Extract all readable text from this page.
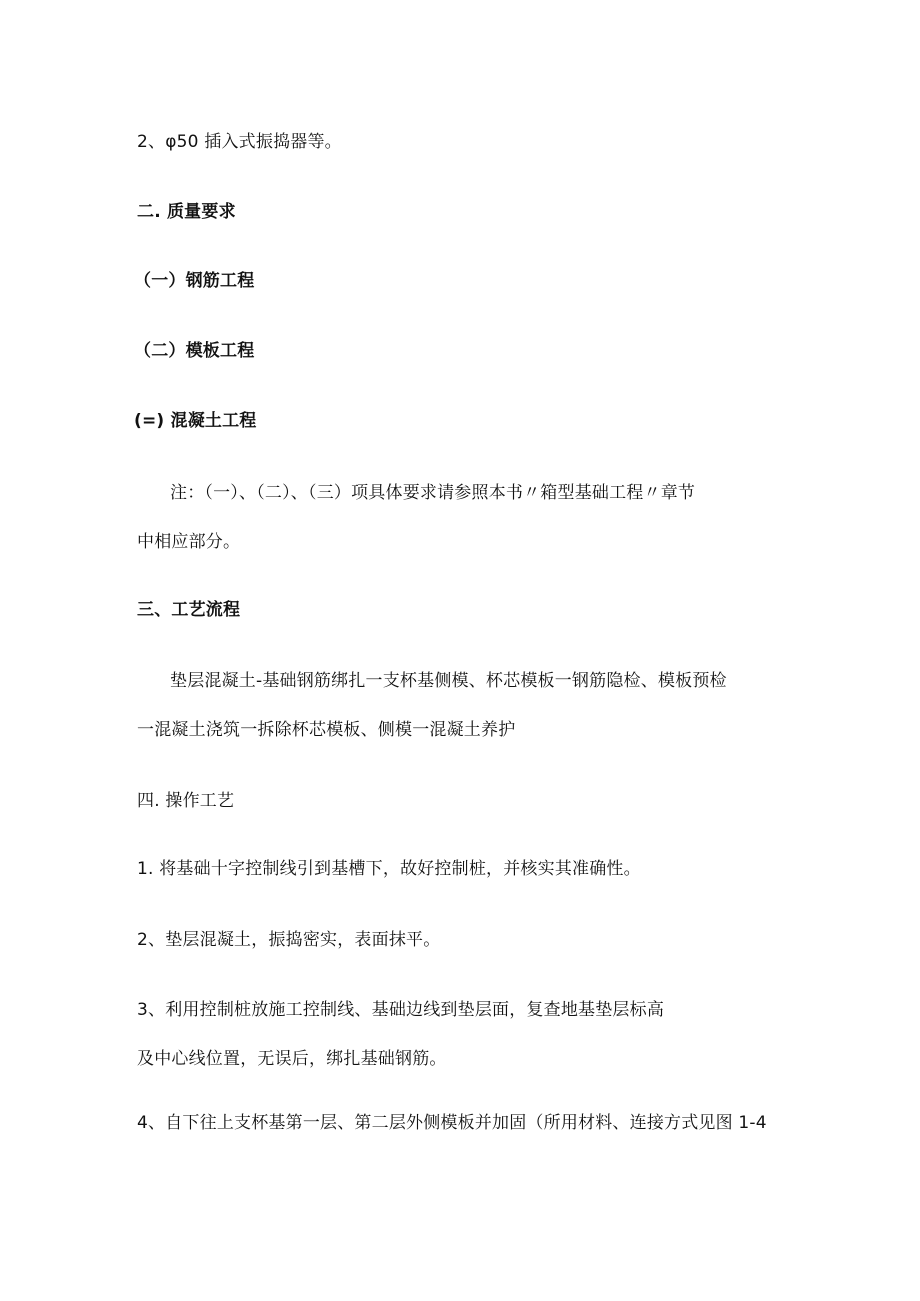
2、φ50 插入式振捣器等。
二. 质量要求
（一）钢筋工程
（二）模板工程
(=) 混凝土工程
注：（一）、（二）、（三）项具体要求请参照本书〃箱型基础工程〃章节
中相应部分。
三、工艺流程
垫层混凝土-基础钢筋绑扎一支杯基侧模、杯芯模板一钢筋隐检、模板预检
一混凝土浇筑一拆除杯芯模板、侧模一混凝土养护
四. 操作工艺
1. 将基础十字控制线引到基槽下，故好控制桩，并核实其准确性。
2、垫层混凝土，振捣密实，表面抹平。
3、利用控制桩放施工控制线、基础边线到垫层面，复查地基垫层标高
及中心线位置，无误后，绑扎基础钢筋。
4、自下往上支杯基第一层、第二层外侧模板并加固（所用材料、连接方式见图 1-4
